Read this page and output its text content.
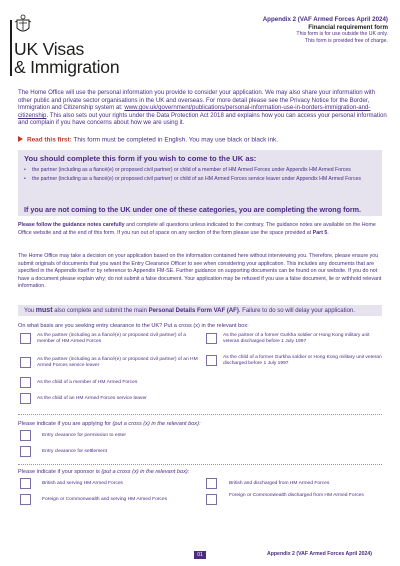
UK Visas
& Immigration
Appendix 2 (VAF Armed Forces April 2024)
Financial requirement form
This form is for use outside the UK only.
This form is provided free of charge.
The Home Office will use the personal information you provide to consider your application. We may also share your information with other public and private sector organisations in the UK and overseas. For more detail please see the Privacy Notice for the Border, Immigration and Citizenship system at: www.gov.uk/government/publications/personal-information-use-in-borders-immigration-and-citizenship. This also sets out your rights under the Data Protection Act 2018 and explains how you can access your personal information and complain if you have concerns about how we are using it.
Read this first: This form must be completed in English. You may use black or black ink.
You should complete this form if you wish to come to the UK as:
• the partner (including as a fiancé(e) or proposed civil partner) or child of a member of HM Armed Forces under Appendix HM Armed Forces
• the partner (including as a fiancé(e) or proposed civil partner) or child of an HM Armed Forces service leaver under Appendix HM Armed Forces
If you are not coming to the UK under one of these categories, you are completing the wrong form.
Please follow the guidance notes carefully and complete all questions unless indicated to the contrary. The guidance notes are available on the Home Office website and at the end of this form. If you run out of space on any section of the form please use the space provided at Part 5.
The Home Office may take a decision on your application based on the information contained here without interviewing you. Therefore, please ensure you submit originals of documents that you want the Entry Clearance Officer to see when considering your application. This includes any documents that are specified in the Appendix itself or by reference to Appendix FM-SE. Further guidance on supporting documents can be found on our website. If you do not have a document please explain why; do not submit a false document. Your application may be refused if you use a false document, lie or withhold relevant information.
You must also complete and submit the main Personal Details Form VAF (AF). Failure to do so will delay your application.
On what basis are you seeking entry clearance to the UK? Put a cross (x) in the relevant box:
As the partner (including as a fiancé(e) or proposed civil partner) of a member of HM Armed Forces
As the partner of a former Gurkha soldier or Hong Kong military unit veteran discharged before 1 July 1997
As the partner (including as a fiancé(e) or proposed civil partner) of an HM Armed Forces service leaver
As the child of a former Gurkha soldier or Hong Kong military unit veteran discharged before 1 July 1997
As the child of a member of HM Armed Forces
As the child of an HM Armed Forces service leaver
Please indicate if you are applying for (put a cross (x) in the relevant box):
Entry clearance for permission to enter
Entry clearance for settlement
Please indicate if your sponsor is (put a cross (x) in the relevant box):
British and serving HM Armed Forces	British and discharged from HM Armed Forces
Foreign or Commonwealth and serving HM Armed Forces
Foreign or Commonwealth discharged from HM Armed Forces
01	Appendix 2 (VAF Armed Forces April 2024)
